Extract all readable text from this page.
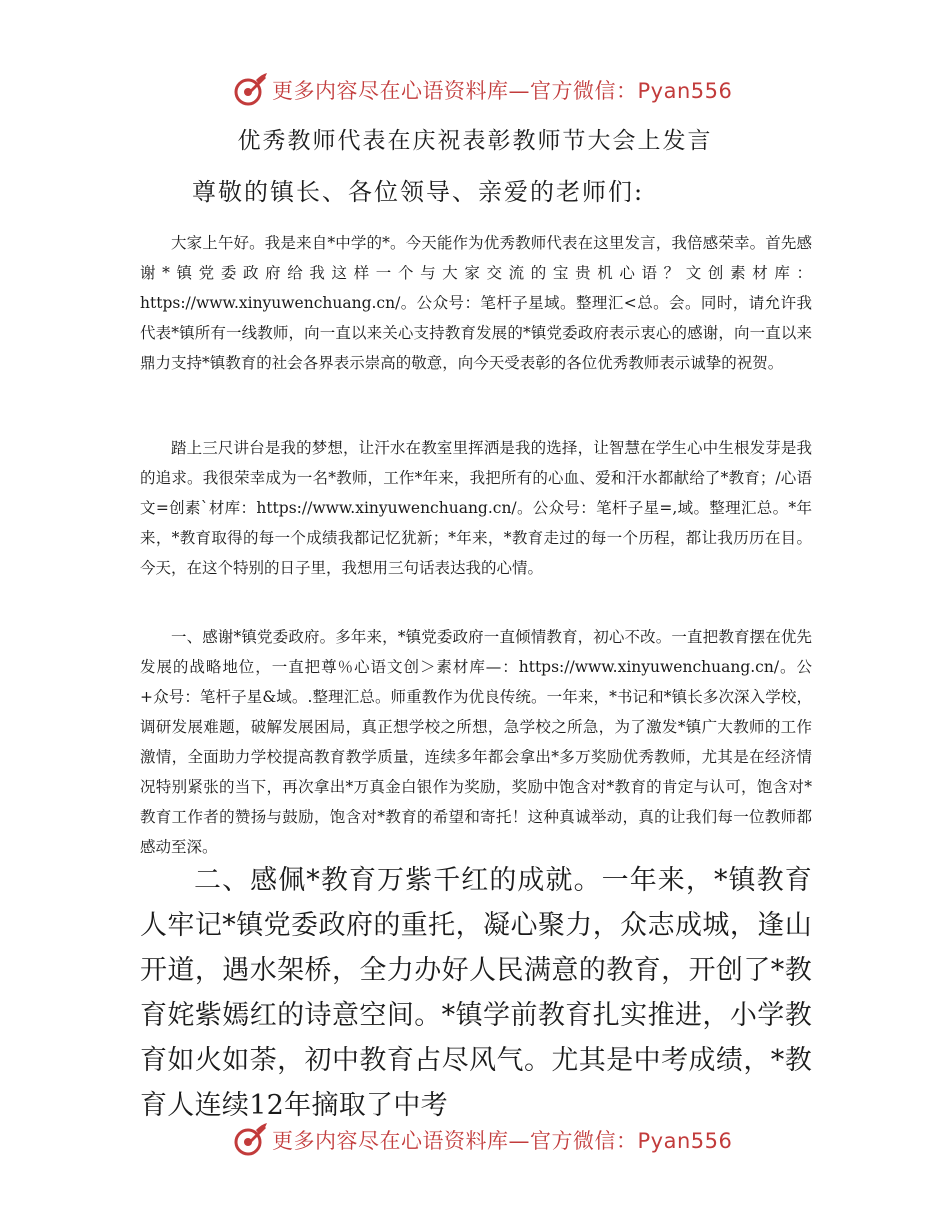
更多内容尽在心语资料库—官方微信：Pyan556
优秀教师代表在庆祝表彰教师节大会上发言
尊敬的镇长、各位领导、亲爱的老师们:

大家上午好。我是来自*中学的*。今天能作为优秀教师代表在这里发言，我倍感荣幸。首先感谢*镇党委政府给我这样一个与大家交流的宝贵机心语？文创素材库：https://www.xinyuwenchuang.cn/。公众号：笔杆子星域。整理汇<总。会。同时，请允许我代表*镇所有一线教师，向一直以来关心支持教育发展的*镇党委政府表示衷心的感谢，向一直以来鼎力支持*镇教育的社会各界表示崇高的敬意，向今天受表彰的各位优秀教师表示诚挚的祝贺。

踏上三尺讲台是我的梦想，让汗水在教室里挥洒是我的选择，让智慧在学生心中生根发芽是我的追求。我很荣幸成为一名*教师，工作*年来，我把所有的心血、爱和汗水都献给了*教育；/心语文=创素`材库：https://www.xinyuwenchuang.cn/。公众号：笔杆子星=,域。整理汇总。*年来，*教育取得的每一个成绩我都记忆犹新；*年来，*教育走过的每一个历程，都让我历历在目。今天，在这个特别的日子里，我想用三句话表达我的心情。

一、感谢*镇党委政府。多年来，*镇党委政府一直倾情教育，初心不改。一直把教育摆在优先发展的战略地位，一直把尊％心语文创＞素材库—：https://www.xinyuwenchuang.cn/。公+众号：笔杆子星&域。.整理汇总。师重教作为优良传统。一年来，*书记和*镇长多次深入学校，调研发展难题，破解发展困局，真正想学校之所想，急学校之所急，为了激发*镇广大教师的工作激情，全面助力学校提高教育教学质量，连续多年都会拿出*多万奖励优秀教师，尤其是在经济情况特别紧张的当下，再次拿出*万真金白银作为奖励，奖励中饱含对*教育的肯定与认可，饱含对*教育工作者的赞扬与鼓励，饱含对*教育的希望和寄托！这种真诚举动，真的让我们每一位教师都感动至深。

二、感佩*教育万紫千红的成就。一年来，*镇教育人牢记*镇党委政府的重托，凝心聚力，众志成城，逢山开道，遇水架桥，全力办好人民满意的教育，开创了*教育姹紫嫣红的诗意空间。*镇学前教育扎实推进，小学教育如火如荼，初中教育占尽风气。尤其是中考成绩，*教育人连续12年摘取了中考

更多内容尽在心语资料库—官方微信：Pyan556
